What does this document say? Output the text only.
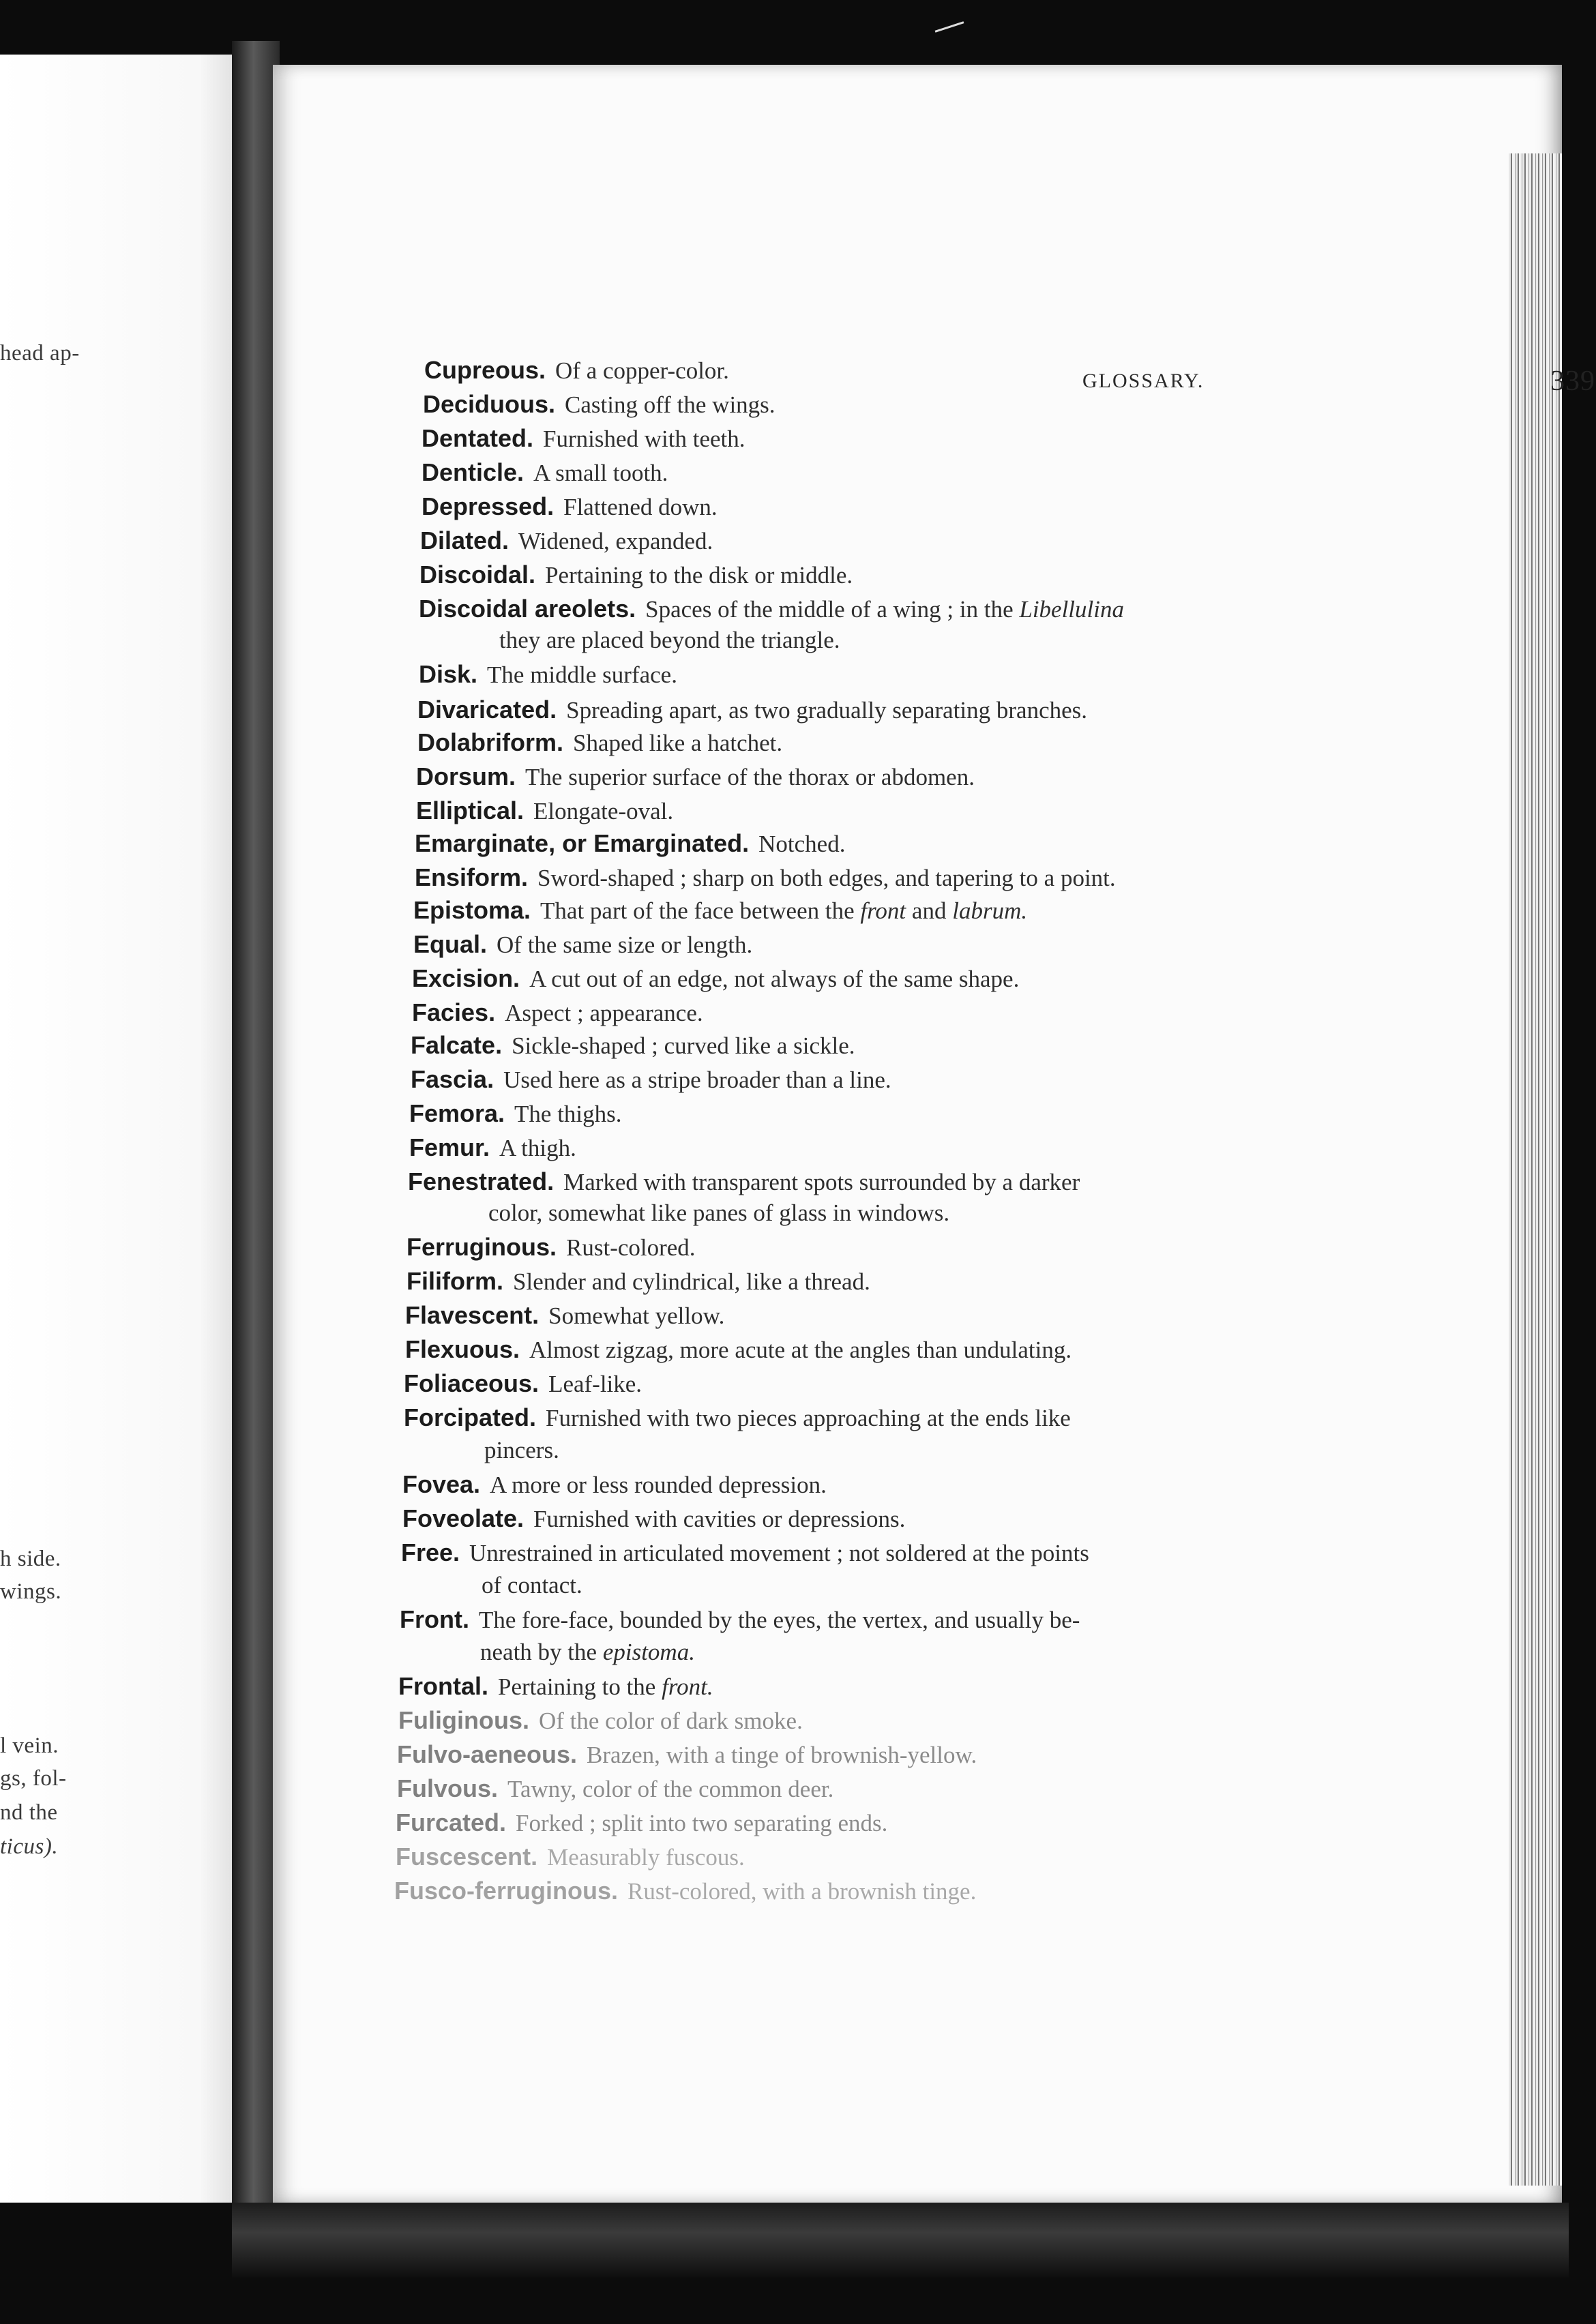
head ap-
h side.
wings.
l vein.
gs, fol-
nd the
ticus).
GLOSSARY.	339
Cupreous. Of a copper-color.
Deciduous. Casting off the wings.
Dentated. Furnished with teeth.
Denticle. A small tooth.
Depressed. Flattened down.
Dilated. Widened, expanded.
Discoidal. Pertaining to the disk or middle.
Discoidal areolets. Spaces of the middle of a wing ; in the Libellulina
they are placed beyond the triangle.
Disk. The middle surface.
Divaricated. Spreading apart, as two gradually separating branches.
Dolabriform. Shaped like a hatchet.
Dorsum. The superior surface of the thorax or abdomen.
Elliptical. Elongate-oval.
Emarginate, or Emarginated. Notched.
Ensiform. Sword-shaped ; sharp on both edges, and tapering to a point.
Epistoma. That part of the face between the front and labrum.
Equal. Of the same size or length.
Excision. A cut out of an edge, not always of the same shape.
Facies. Aspect ; appearance.
Falcate. Sickle-shaped ; curved like a sickle.
Fascia. Used here as a stripe broader than a line.
Femora. The thighs.
Femur. A thigh.
Fenestrated. Marked with transparent spots surrounded by a darker
color, somewhat like panes of glass in windows.
Ferruginous. Rust-colored.
Filiform. Slender and cylindrical, like a thread.
Flavescent. Somewhat yellow.
Flexuous. Almost zigzag, more acute at the angles than undulating.
Foliaceous. Leaf-like.
Forcipated. Furnished with two pieces approaching at the ends like
pincers.
Fovea. A more or less rounded depression.
Foveolate. Furnished with cavities or depressions.
Free. Unrestrained in articulated movement ; not soldered at the points
of contact.
Front. The fore-face, bounded by the eyes, the vertex, and usually be-
neath by the epistoma.
Frontal. Pertaining to the front.
Fuliginous. Of the color of dark smoke.
Fulvo-aeneous. Brazen, with a tinge of brownish-yellow.
Fulvous. Tawny, color of the common deer.
Furcated. Forked ; split into two separating ends.
Fuscescent. Measurably fuscous.
Fusco-ferruginous. Rust-colored, with a brownish tinge.
